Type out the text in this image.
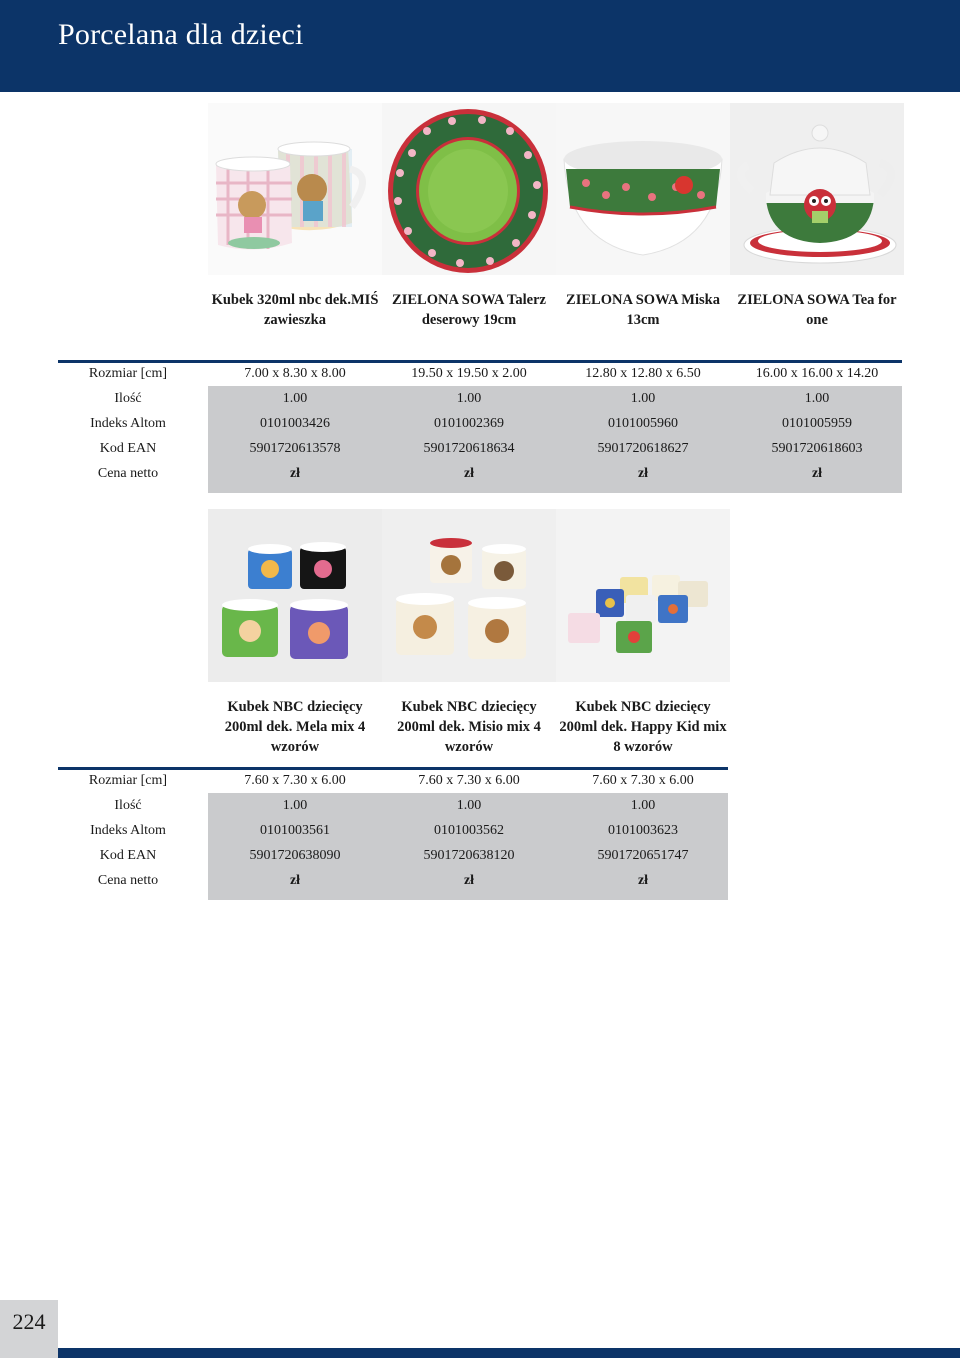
Porcelana dla dzieci
Kubek 320ml nbc dek.MIŚ zawieszka
ZIELONA SOWA Talerz deserowy 19cm
ZIELONA SOWA Miska 13cm
ZIELONA SOWA Tea for one
Rozmiar [cm]
Ilość
Indeks Altom
Kod EAN
Cena netto
7.00 x 8.30 x 8.00
1.00
0101003426
5901720613578
zł
19.50 x 19.50 x 2.00
1.00
0101002369
5901720618634
zł
12.80 x 12.80 x 6.50
1.00
0101005960
5901720618627
zł
16.00 x 16.00 x 14.20
1.00
0101005959
5901720618603
zł
Kubek NBC dziecięcy 200ml dek. Mela mix 4 wzorów
Kubek NBC dziecięcy 200ml dek. Misio mix 4 wzorów
Kubek NBC dziecięcy 200ml dek. Happy Kid mix 8 wzorów
Rozmiar [cm]
Ilość
Indeks Altom
Kod EAN
Cena netto
7.60 x 7.30 x 6.00
1.00
0101003561
5901720638090
zł
7.60 x 7.30 x 6.00
1.00
0101003562
5901720638120
zł
7.60 x 7.30 x 6.00
1.00
0101003623
5901720651747
zł
224
